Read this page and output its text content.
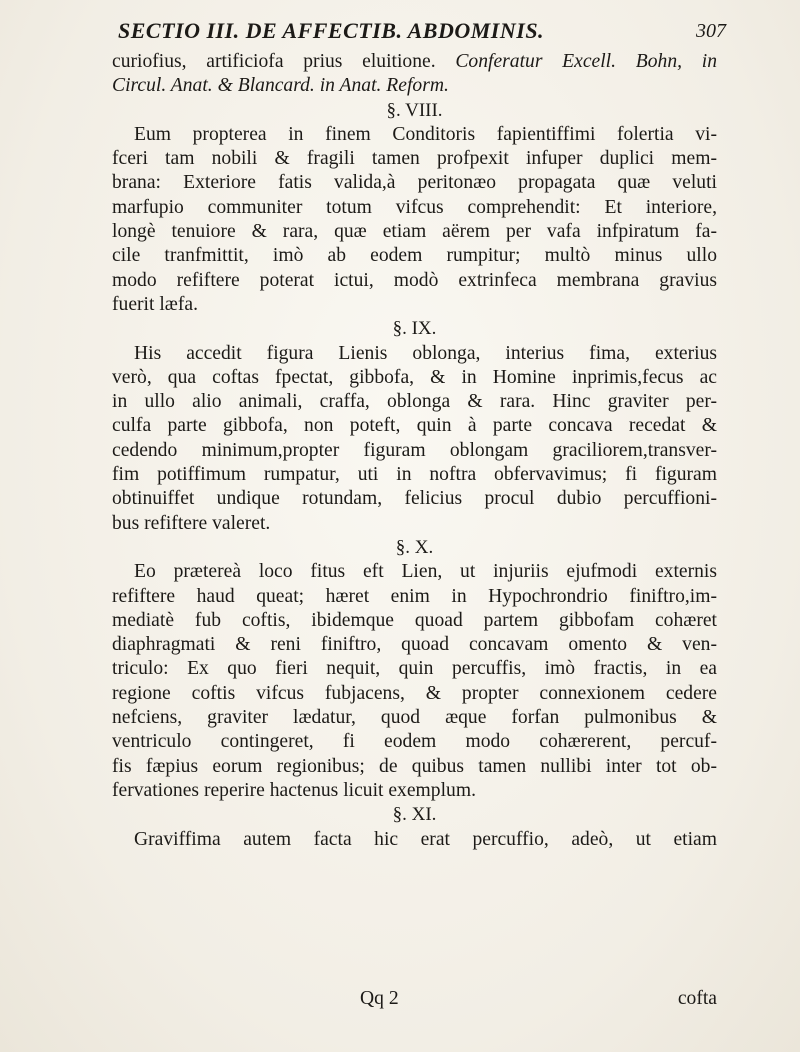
SECTIO III. DE AFFECTIB. ABDOMINIS.	307
curiofius, artificiofa prius eluitione. Conferatur Excell. Bohn, in
Circul. Anat. & Blancard. in Anat. Reform.
§. VIII.
Eum propterea in finem Conditoris fapientiffimi folertia vi-
fceri tam nobili & fragili tamen profpexit infuper duplici mem-
brana: Exteriore fatis valida,à peritonæo propagata quæ veluti
marfupio communiter totum vifcus comprehendit: Et interiore,
longè tenuiore & rara, quæ etiam aërem per vafa infpiratum fa-
cile tranfmittit, imò ab eodem rumpitur; multò minus ullo
modo refiftere poterat ictui, modò extrinfeca membrana gravius
fuerit læfa.
§. IX.
His accedit figura Lienis oblonga, interius fima, exterius
verò, qua coftas fpectat, gibbofa, & in Homine inprimis,fecus ac
in ullo alio animali, craffa, oblonga & rara. Hinc graviter per-
culfa parte gibbofa, non poteft, quin à parte concava recedat &
cedendo minimum,propter figuram oblongam graciliorem,transver-
fim potiffimum rumpatur, uti in noftra obfervavimus; fi figuram
obtinuiffet undique rotundam, felicius procul dubio percuffioni-
bus refiftere valeret.
§. X.
Eo prætereà loco fitus eft Lien, ut injuriis ejufmodi externis
refiftere haud queat; hæret enim in Hypochrondrio finiftro,im-
mediatè fub coftis, ibidemque quoad partem gibbofam cohæret
diaphragmati & reni finiftro, quoad concavam omento & ven-
triculo: Ex quo fieri nequit, quin percuffis, imò fractis, in ea
regione coftis vifcus fubjacens, & propter connexionem cedere
nefciens, graviter lædatur, quod æque forfan pulmonibus &
ventriculo contingeret, fi eodem modo cohærerent, percuf-
fis fæpius eorum regionibus; de quibus tamen nullibi inter tot ob-
fervationes reperire hactenus licuit exemplum.
§. XI.
Graviffima autem facta hic erat percuffio, adeò, ut etiam
Qq 2	cofta
